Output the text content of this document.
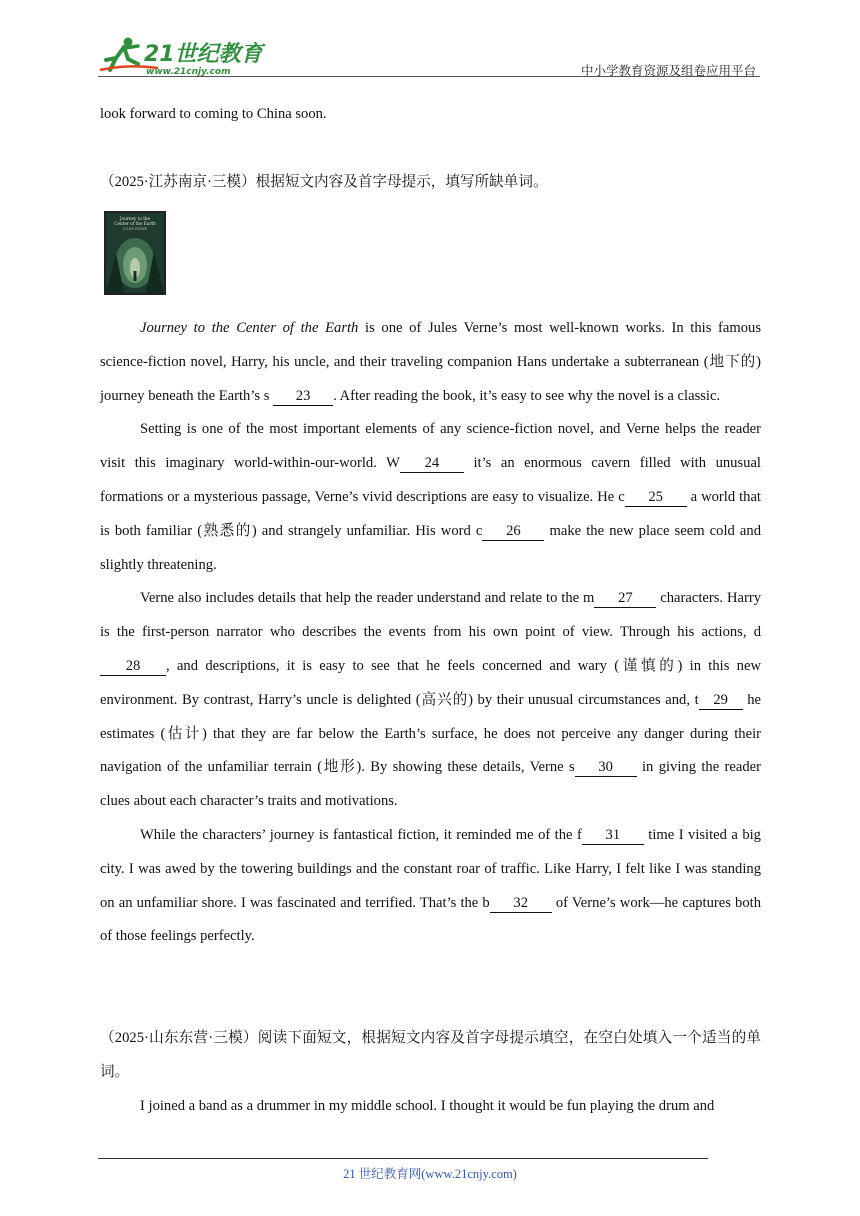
21世纪教育
www.21cnjy.com	中小学教育资源及组卷应用平台

look forward to coming to China soon.

（2025·江苏南京·三模）根据短文内容及首字母提示，填写所缺单词。

Journey to the
Center of the Earth
JULES VERNE

Journey to the Center of the Earth is one of Jules Verne’s most well-known works. In this famous science-fiction novel, Harry, his uncle, and their traveling companion Hans undertake a subterranean (地下的) journey beneath the Earth’s s 23 . After reading the book, it’s easy to see why the novel is a classic.

Setting is one of the most important elements of any science-fiction novel, and Verne helps the reader visit this imaginary world-within-our-world. W 24 it’s an enormous cavern filled with unusual formations or a mysterious passage, Verne’s vivid descriptions are easy to visualize. He c 25 a world that is both familiar (熟悉的) and strangely unfamiliar. His word c 26 make the new place seem cold and slightly threatening.

Verne also includes details that help the reader understand and relate to the m 27 characters. Harry is the first-person narrator who describes the events from his own point of view. Through his actions, d28 , and descriptions, it is easy to see that he feels concerned and wary (谨慎的) in this new environment. By contrast, Harry’s uncle is delighted (高兴的) by their unusual circumstances and, t 29 he estimates (估计) that they are far below the Earth’s surface, he does not perceive any danger during their navigation of the unfamiliar terrain (地形). By showing these details, Verne s 30 in giving the reader clues about each character’s traits and motivations.

While the characters’ journey is fantastical fiction, it reminded me of the f 31 time I visited a big city. I was awed by the towering buildings and the constant roar of traffic. Like Harry, I felt like I was standing on an unfamiliar shore. I was fascinated and terrified. That’s the b 32 of Verne’s work—he captures both of those feelings perfectly.

（2025·山东东营·三模）阅读下面短文，根据短文内容及首字母提示填空，在空白处填入一个适当的单词。

I joined a band as a drummer in my middle school. I thought it would be fun playing the drum and

21 世纪教育网(www.21cnjy.com)
